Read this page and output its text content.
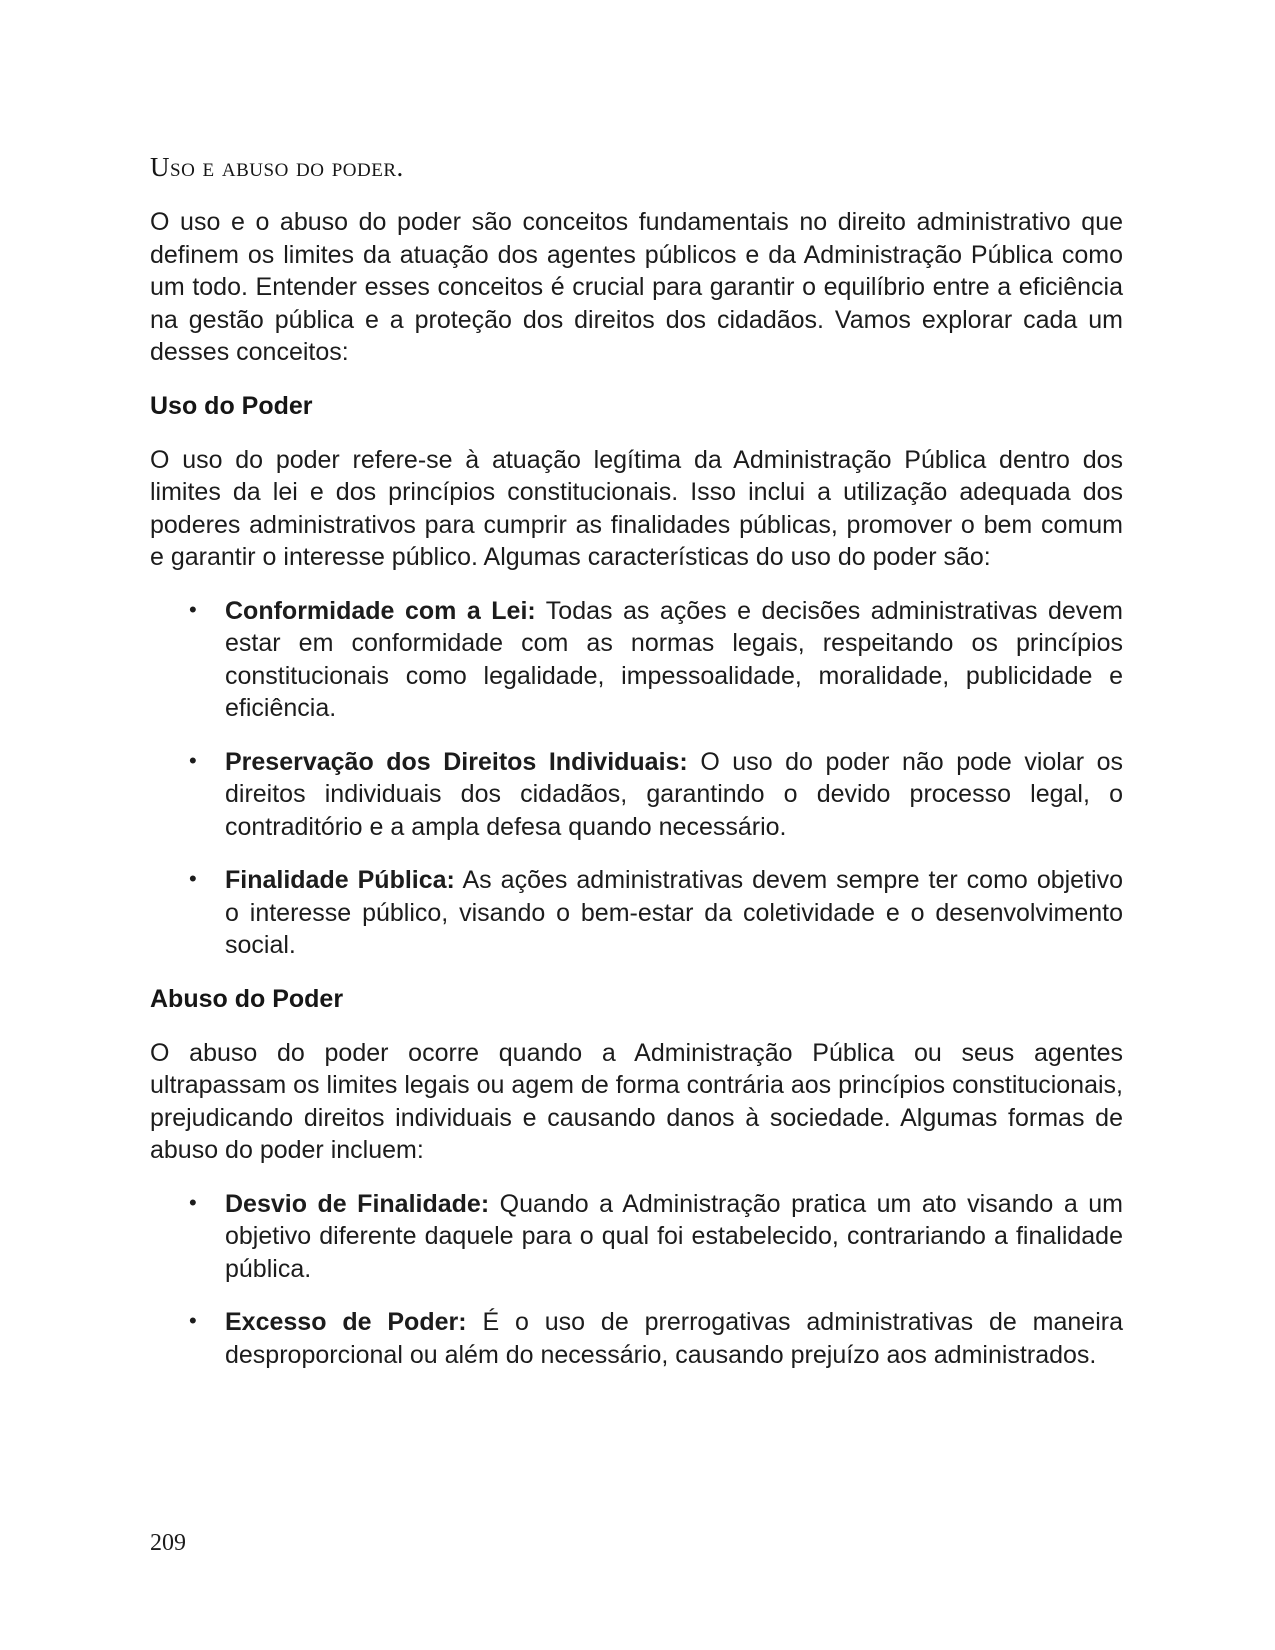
Uso e abuso do poder.

O uso e o abuso do poder são conceitos fundamentais no direito administrativo que definem os limites da atuação dos agentes públicos e da Administração Pública como um todo. Entender esses conceitos é crucial para garantir o equilíbrio entre a eficiência na gestão pública e a proteção dos direitos dos cidadãos. Vamos explorar cada um desses conceitos:

Uso do Poder

O uso do poder refere-se à atuação legítima da Administração Pública dentro dos limites da lei e dos princípios constitucionais. Isso inclui a utilização adequada dos poderes administrativos para cumprir as finalidades públicas, promover o bem comum e garantir o interesse público. Algumas características do uso do poder são:

• Conformidade com a Lei: Todas as ações e decisões administrativas devem estar em conformidade com as normas legais, respeitando os princípios constitucionais como legalidade, impessoalidade, moralidade, publicidade e eficiência.
• Preservação dos Direitos Individuais: O uso do poder não pode violar os direitos individuais dos cidadãos, garantindo o devido processo legal, o contraditório e a ampla defesa quando necessário.
• Finalidade Pública: As ações administrativas devem sempre ter como objetivo o interesse público, visando o bem-estar da coletividade e o desenvolvimento social.
Abuso do Poder

O abuso do poder ocorre quando a Administração Pública ou seus agentes ultrapassam os limites legais ou agem de forma contrária aos princípios constitucionais, prejudicando direitos individuais e causando danos à sociedade. Algumas formas de abuso do poder incluem:

• Desvio de Finalidade: Quando a Administração pratica um ato visando a um objetivo diferente daquele para o qual foi estabelecido, contrariando a finalidade pública.
• Excesso de Poder: É o uso de prerrogativas administrativas de maneira desproporcional ou além do necessário, causando prejuízo aos administrados.
209
